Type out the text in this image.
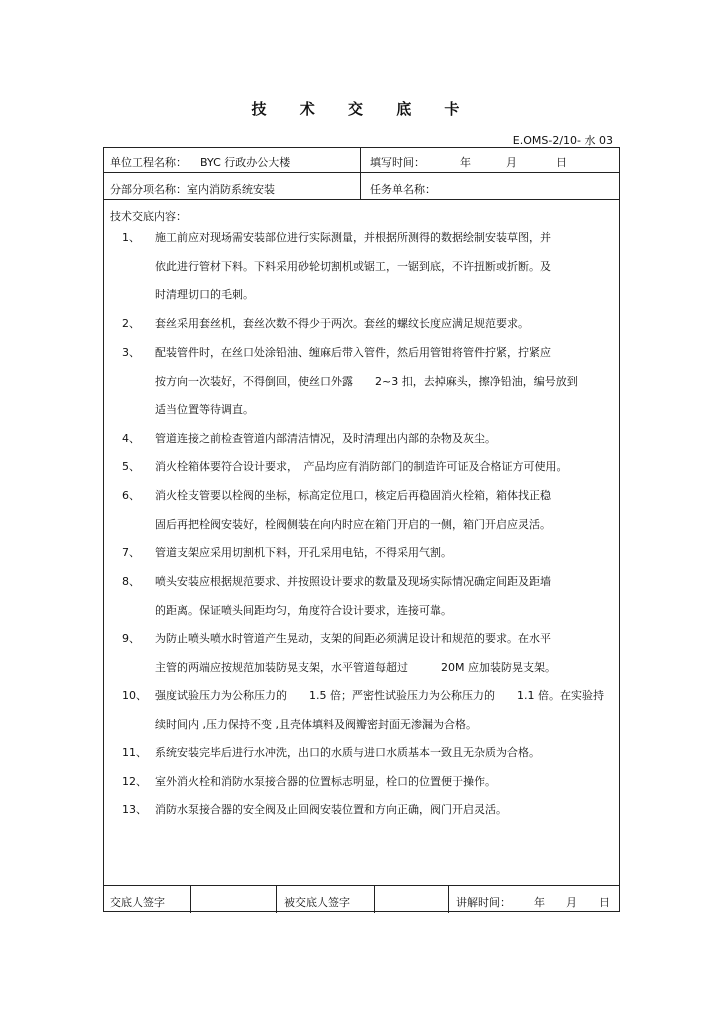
技 术 交 底 卡
E.OMS-2/10- 水 03
单位工程名称： BYC 行政办公大楼	填写时间：	年	月	日
分部分项名称：室内消防系统安装	任务单名称：
技术交底内容：
1、 施工前应对现场需安装部位进行实际测量，并根据所测得的数据绘制安装草图，并
依此进行管材下料。下料采用砂轮切割机或锯工，一锯到底，不许扭断或折断。及
时清理切口的毛刺。
2、 套丝采用套丝机，套丝次数不得少于两次。套丝的螺纹长度应满足规范要求。
3、 配装管件时，在丝口处涂铅油、缠麻后带入管件，然后用管钳将管件拧紧，拧紧应
按方向一次装好，不得倒回，使丝口外露　　2~3 扣，去掉麻头，擦净铅油，编号放到
适当位置等待调直。
4、 管道连接之前检查管道内部清洁情况，及时清理出内部的杂物及灰尘。
5、 消火栓箱体要符合设计要求，　产品均应有消防部门的制造许可证及合格证方可使用。
6、 消火栓支管要以栓阀的坐标，标高定位甩口，核定后再稳固消火栓箱，箱体找正稳
固后再把栓阀安装好，栓阀侧装在向内时应在箱门开启的一侧，箱门开启应灵活。
7、 管道支架应采用切割机下料，开孔采用电钻，不得采用气割。
8、 喷头安装应根据规范要求、并按照设计要求的数量及现场实际情况确定间距及距墙
的距离。保证喷头间距均匀，角度符合设计要求，连接可靠。
9、 为防止喷头喷水时管道产生晃动，支架的间距必须满足设计和规范的要求。在水平
主管的两端应按规范加装防晃支架，水平管道每超过　　　20M 应加装防晃支架。
10、 强度试验压力为公称压力的　　1.5 倍；严密性试验压力为公称压力的　　1.1 倍。在实验持
续时间内 ,压力保持不变 ,且壳体填料及阀瓣密封面无渗漏为合格。
11、 系统安装完毕后进行水冲洗，出口的水质与进口水质基本一致且无杂质为合格。
12、 室外消火栓和消防水泵接合器的位置标志明显，栓口的位置便于操作。
13、 消防水泵接合器的安全阀及止回阀安装位置和方向正确，阀门开启灵活。
交底人签字	被交底人签字	讲解时间： 年 月 日
